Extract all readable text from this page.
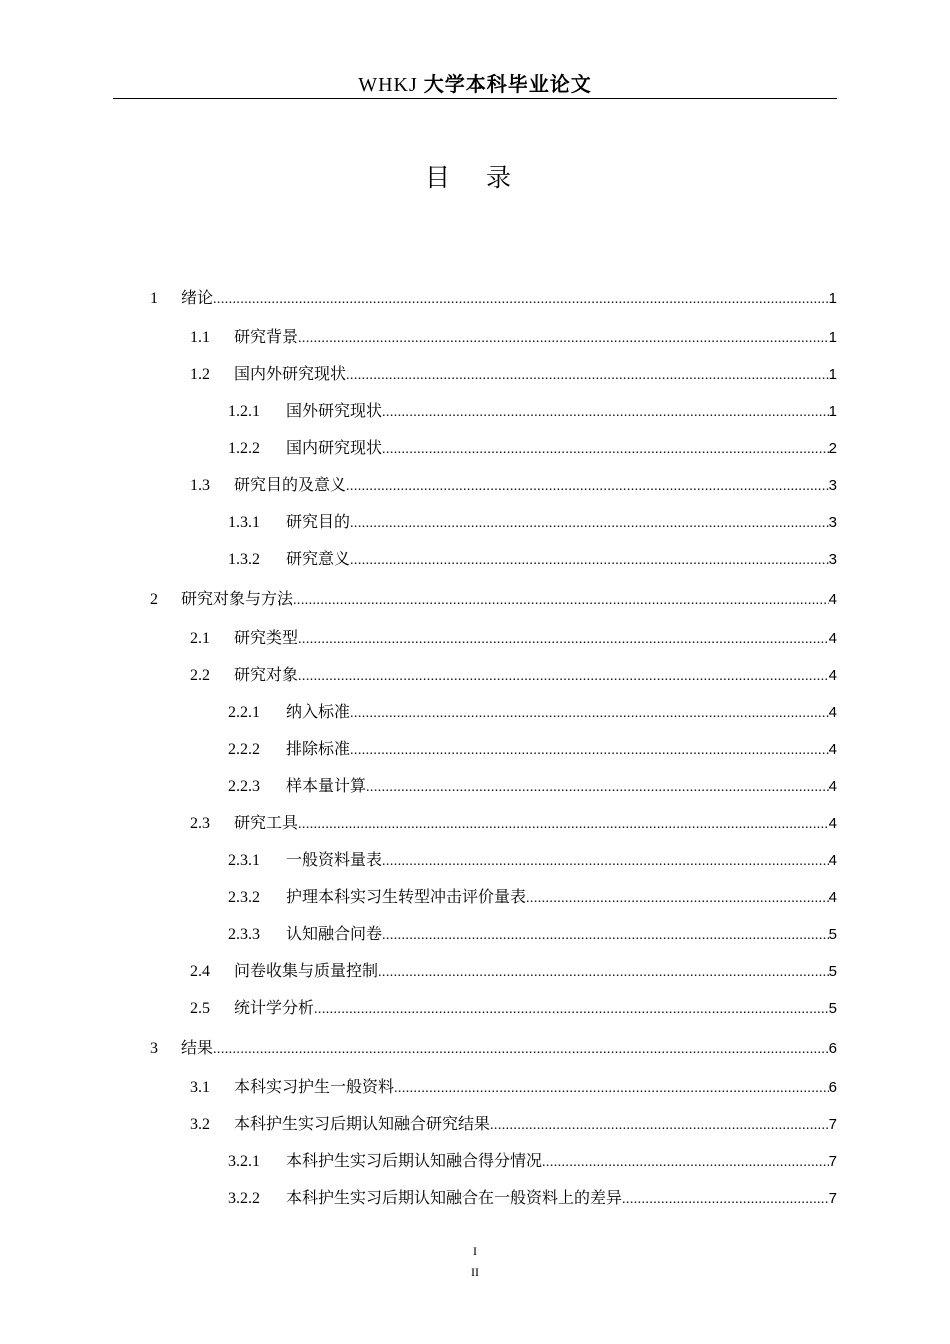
WHKJ 大学本科毕业论文
目 录
1	绪论 .....	1
1.1	研究背景 .....	1
1.2	国内外研究现状 .....	1
1.2.1	国外研究现状 .....	1
1.2.2	国内研究现状 .....	2
1.3	研究目的及意义 .....	3
1.3.1	研究目的 .....	3
1.3.2	研究意义 .....	3
2	研究对象与方法 .....	4
2.1	研究类型 .....	4
2.2	研究对象 .....	4
2.2.1	纳入标准 .....	4
2.2.2	排除标准 .....	4
2.2.3	样本量计算 .....	4
2.3	研究工具 .....	4
2.3.1	一般资料量表 .....	4
2.3.2	护理本科实习生转型冲击评价量表 .....	4
2.3.3	认知融合问卷 .....	5
2.4	问卷收集与质量控制 .....	5
2.5	统计学分析 .....	5
3	结果 .....	6
3.1	本科实习护生一般资料 .....	6
3.2	本科护生实习后期认知融合研究结果 .....	7
3.2.1	本科护生实习后期认知融合得分情况 .....	7
3.2.2	本科护生实习后期认知融合在一般资料上的差异 .....	7
I
II
